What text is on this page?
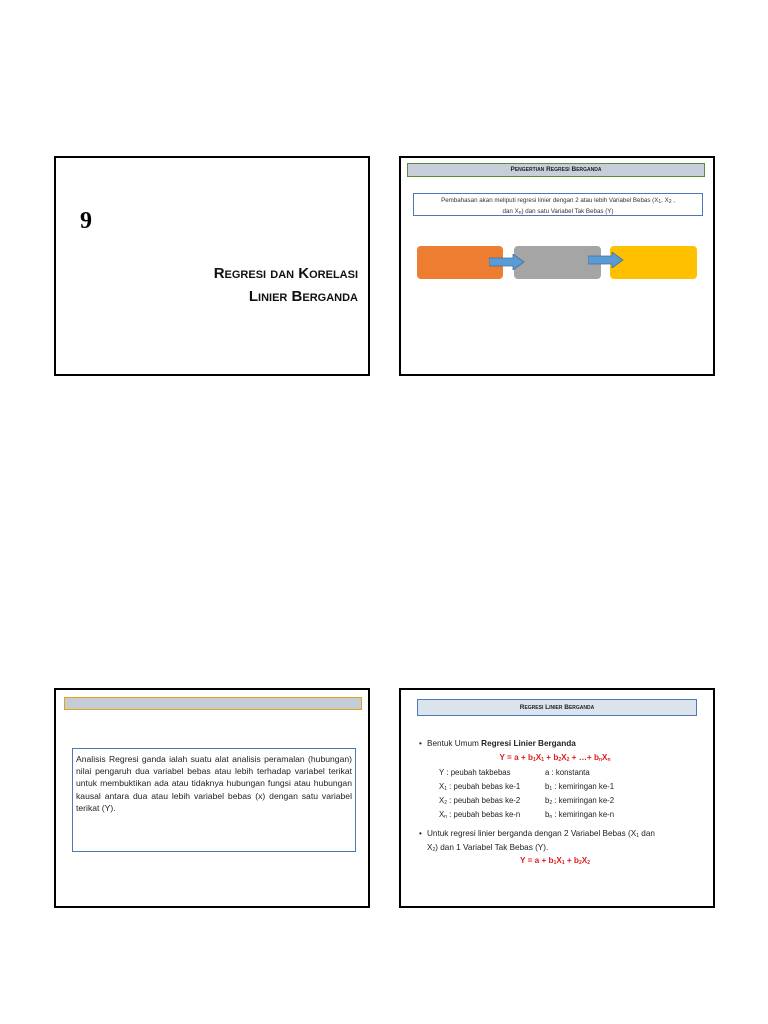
9
Regresi dan Korelasi
Linier Berganda
Pengertian Regresi Berganda
Pembahasan akan meliputi regresi linier dengan 2 atau lebih Variabel Bebas ($X_1$, $X_2$ ,
dan $X_n$) dan satu Variabel Tak Bebas (Y)
Analisis Regresi ganda ialah suatu alat analisis peramalan (hubungan) nilai pengaruh dua variabel bebas atau lebih terhadap variabel terikat untuk membuktikan ada atau tidaknya hubungan fungsi atau hubungan kausal antara dua atau lebih variabel bebas (x) dengan satu variabel terikat (Y).
Regresi Linier Berganda
• Bentuk Umum Regresi Linier Berganda
$Y = a + b_1X_1 + b_2X_2$ + …+ $b_nX_n$
Y : peubah takbebas
$X_1$ : peubah bebas ke-1
$X_2$ : peubah bebas ke-2
$X_n$ : peubah bebas ke-n
a : konstanta
$b_1$ : kemiringan ke-1
$b_2$ : kemiringan ke-2
$b_n$ : kemiringan ke-n
• Untuk regresi linier berganda dengan 2 Variabel Bebas ($X_1$ dan
$X_2$) dan 1 Variabel Tak Bebas (Y).
$Y = a + b_1X_1 + b_2X_2$
